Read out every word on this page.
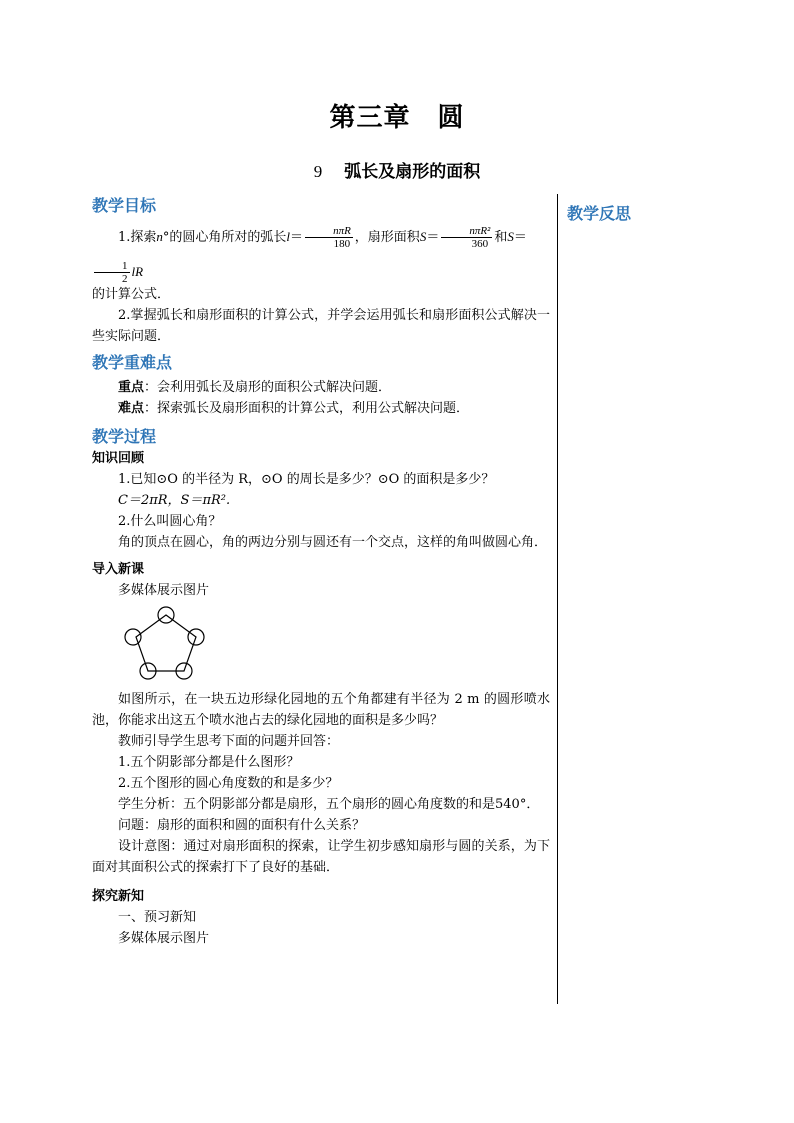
第三章　圆
9 弧长及扇形的面积
教学反思
教学目标

1.探索n°的圆心角所对的弧长$l= \frac{\text{nπR}}{180}$ ，扇形面积$S= \frac{\text{nπR²}}{360}$ 和S＝
$\frac{1}{2}$ lR

的计算公式．

2.掌握弧长和扇形面积的计算公式，并学会运用弧长和扇形面积公式解决一些实际问题．

教学重难点

重点：会利用弧长及扇形的面积公式解决问题．

难点：探索弧长及扇形面积的计算公式，利用公式解决问题．

教学过程
知识回顾

1.已知⊙O 的半径为 R，⊙O 的周长是多少？⊙O 的面积是多少？

C＝2πR，S＝πR².

2.什么叫圆心角？

角的顶点在圆心，角的两边分别与圆还有一个交点，这样的角叫做圆心角．

导入新课

多媒体展示图片

如图所示，在一块五边形绿化园地的五个角都建有半径为 2 m 的圆形喷水池，你能求出这五个喷水池占去的绿化园地的面积是多少吗？

教师引导学生思考下面的问题并回答：

1.五个阴影部分都是什么图形？

2.五个图形的圆心角度数的和是多少？

学生分析：五个阴影部分都是扇形，五个扇形的圆心角度数的和是540°．

问题：扇形的面积和圆的面积有什么关系？

设计意图：通过对扇形面积的探索，让学生初步感知扇形与圆的关系，为下面对其面积公式的探索打下了良好的基础．

探究新知

一、预习新知

多媒体展示图片
